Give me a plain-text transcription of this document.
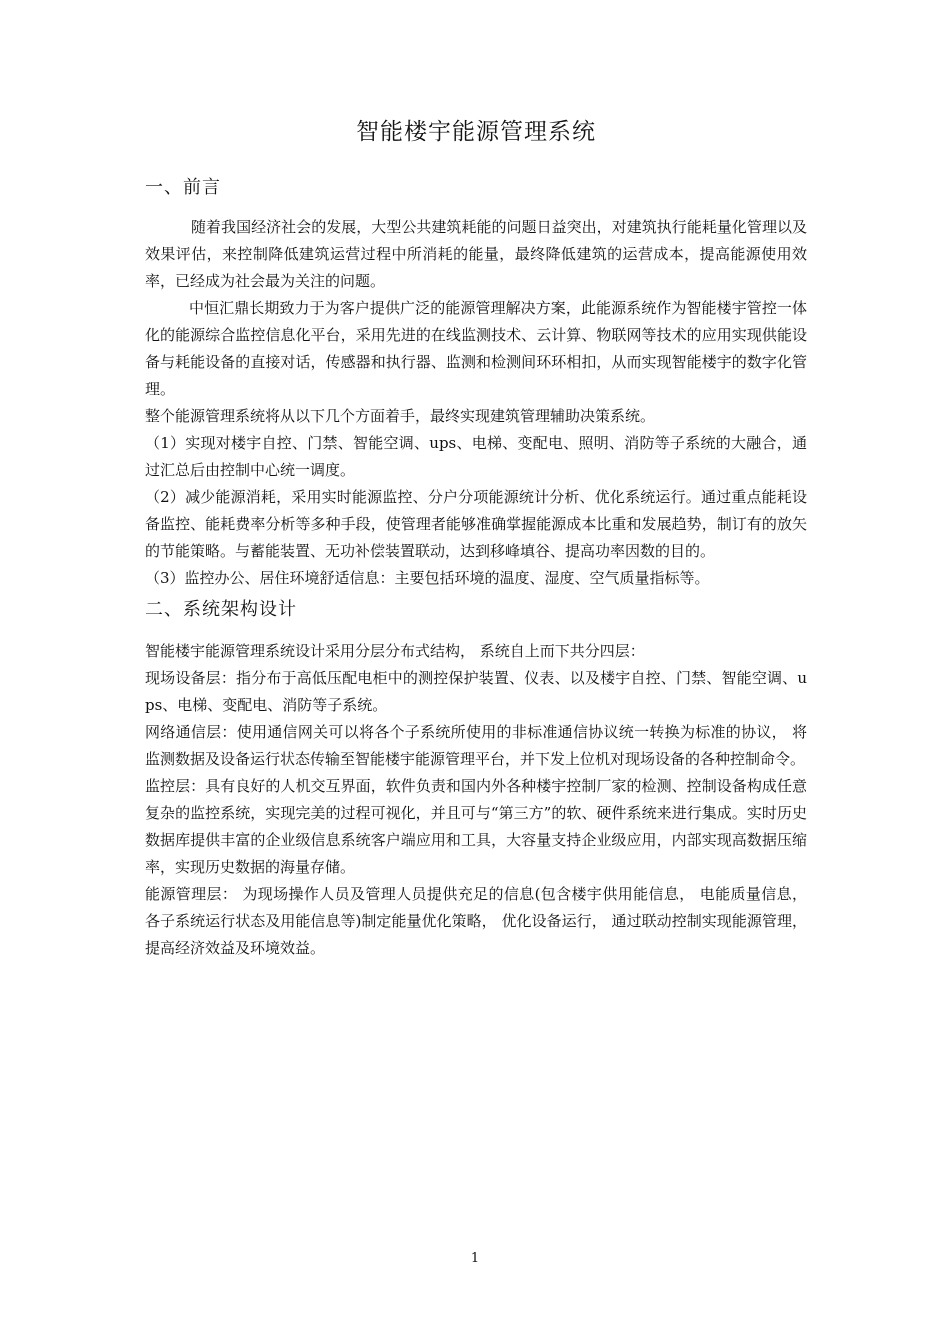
智能楼宇能源管理系统
一、前言

随着我国经济社会的发展，大型公共建筑耗能的问题日益突出，对建筑执行能耗量化管理以及效果评估，来控制降低建筑运营过程中所消耗的能量，最终降低建筑的运营成本，提高能源使用效率，已经成为社会最为关注的问题。

中恒汇鼎长期致力于为客户提供广泛的能源管理解决方案，此能源系统作为智能楼宇管控一体化的能源综合监控信息化平台，采用先进的在线监测技术、云计算、物联网等技术的应用实现供能设备与耗能设备的直接对话，传感器和执行器、监测和检测间环环相扣，从而实现智能楼宇的数字化管理。

整个能源管理系统将从以下几个方面着手，最终实现建筑管理辅助决策系统。

（1）实现对楼宇自控、门禁、智能空调、ups、电梯、变配电、照明、消防等子系统的大融合，通过汇总后由控制中心统一调度。

（2）减少能源消耗，采用实时能源监控、分户分项能源统计分析、优化系统运行。通过重点能耗设备监控、能耗费率分析等多种手段，使管理者能够准确掌握能源成本比重和发展趋势，制订有的放矢的节能策略。与蓄能装置、无功补偿装置联动，达到移峰填谷、提高功率因数的目的。

（3）监控办公、居住环境舒适信息：主要包括环境的温度、湿度、空气质量指标等。

二、系统架构设计

智能楼宇能源管理系统设计采用分层分布式结构， 系统自上而下共分四层：

现场设备层：指分布于高低压配电柜中的测控保护装置、仪表、以及楼宇自控、门禁、智能空调、ups、电梯、变配电、消防等子系统。

网络通信层：使用通信网关可以将各个子系统所使用的非标准通信协议统一转换为标准的协议， 将监测数据及设备运行状态传输至智能楼宇能源管理平台，并下发上位机对现场设备的各种控制命令。

监控层：具有良好的人机交互界面，软件负责和国内外各种楼宇控制厂家的检测、控制设备构成任意复杂的监控系统，实现完美的过程可视化，并且可与“第三方”的软、硬件系统来进行集成。实时历史数据库提供丰富的企业级信息系统客户端应用和工具，大容量支持企业级应用，内部实现高数据压缩率，实现历史数据的海量存储。

能源管理层： 为现场操作人员及管理人员提供充足的信息(包含楼宇供用能信息， 电能质量信息， 各子系统运行状态及用能信息等)制定能量优化策略， 优化设备运行， 通过联动控制实现能源管理， 提高经济效益及环境效益。

1
